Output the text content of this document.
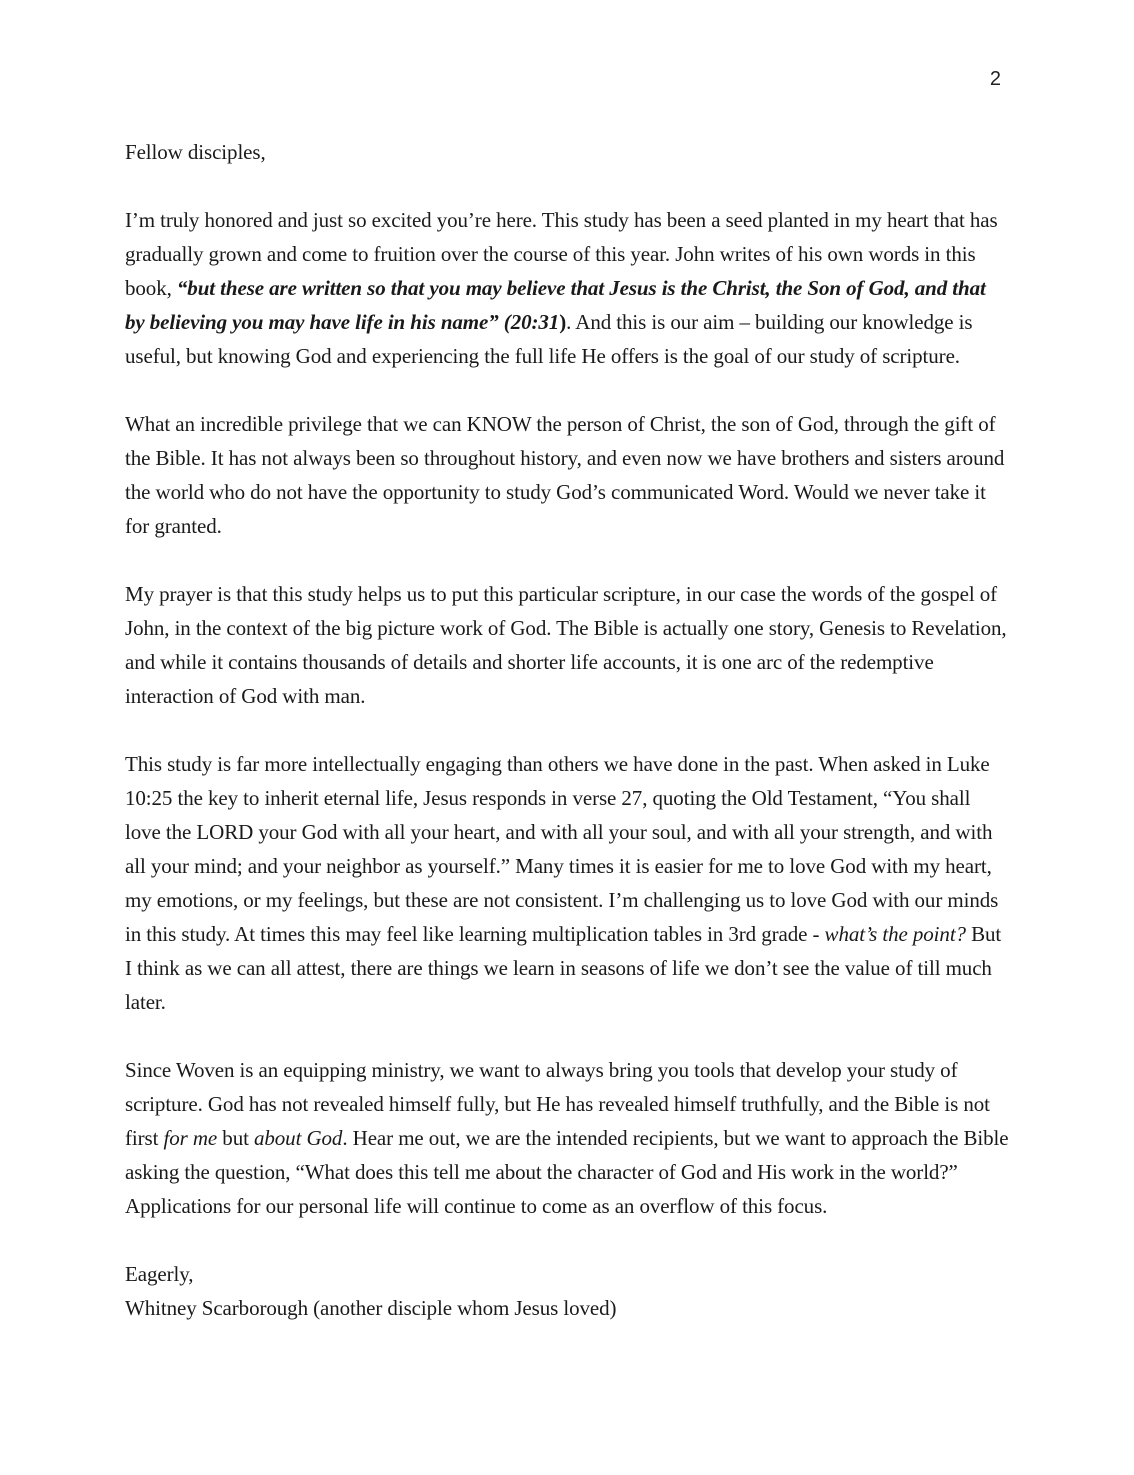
2

Fellow disciples,

I’m truly honored and just so excited you’re here. This study has been a seed planted in my heart that has gradually grown and come to fruition over the course of this year. John writes of his own words in this book, “but these are written so that you may believe that Jesus is the Christ, the Son of God, and that by believing you may have life in his name” (20:31). And this is our aim – building our knowledge is useful, but knowing God and experiencing the full life He offers is the goal of our study of scripture.

What an incredible privilege that we can KNOW the person of Christ, the son of God, through the gift of the Bible. It has not always been so throughout history, and even now we have brothers and sisters around the world who do not have the opportunity to study God’s communicated Word. Would we never take it for granted.

My prayer is that this study helps us to put this particular scripture, in our case the words of the gospel of John, in the context of the big picture work of God. The Bible is actually one story, Genesis to Revelation, and while it contains thousands of details and shorter life accounts, it is one arc of the redemptive interaction of God with man.

This study is far more intellectually engaging than others we have done in the past. When asked in Luke 10:25 the key to inherit eternal life, Jesus responds in verse 27, quoting the Old Testament, “You shall love the LORD your God with all your heart, and with all your soul, and with all your strength, and with all your mind; and your neighbor as yourself.” Many times it is easier for me to love God with my heart, my emotions, or my feelings, but these are not consistent. I’m challenging us to love God with our minds in this study. At times this may feel like learning multiplication tables in 3rd grade - what’s the point? But I think as we can all attest, there are things we learn in seasons of life we don’t see the value of till much later.

Since Woven is an equipping ministry, we want to always bring you tools that develop your study of scripture. God has not revealed himself fully, but He has revealed himself truthfully, and the Bible is not first for me but about God. Hear me out, we are the intended recipients, but we want to approach the Bible asking the question, “What does this tell me about the character of God and His work in the world?” Applications for our personal life will continue to come as an overflow of this focus.

Eagerly,

Whitney Scarborough (another disciple whom Jesus loved)
